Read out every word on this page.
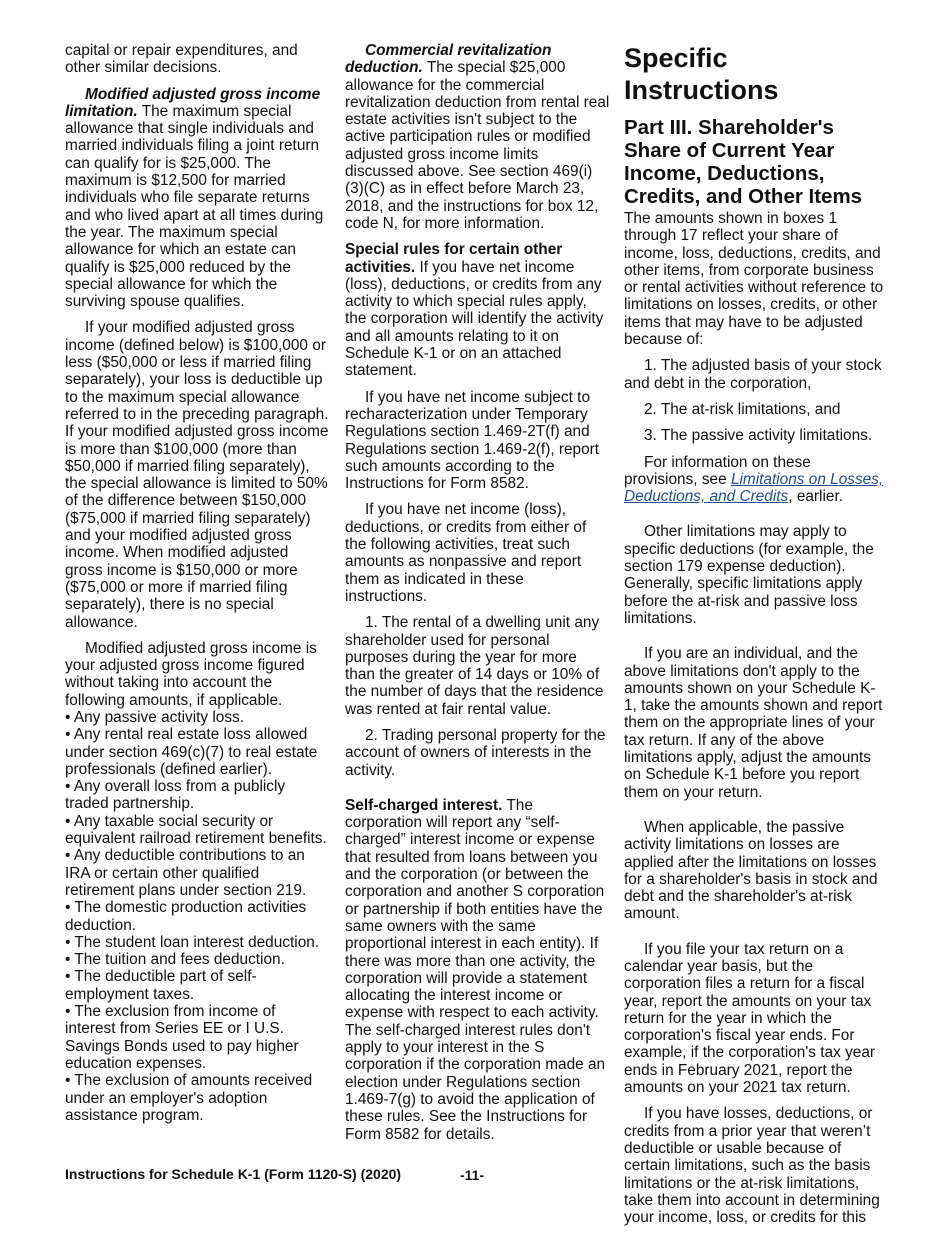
capital or repair expenditures, and other similar decisions.

Modified adjusted gross income limitation. The maximum special allowance that single individuals and married individuals filing a joint return can qualify for is $25,000. The maximum is $12,500 for married individuals who file separate returns and who lived apart at all times during the year. The maximum special allowance for which an estate can qualify is $25,000 reduced by the special allowance for which the surviving spouse qualifies.

If your modified adjusted gross income (defined below) is $100,000 or less ($50,000 or less if married filing separately), your loss is deductible up to the maximum special allowance referred to in the preceding paragraph. If your modified adjusted gross income is more than $100,000 (more than $50,000 if married filing separately), the special allowance is limited to 50% of the difference between $150,000 ($75,000 if married filing separately) and your modified adjusted gross income. When modified adjusted gross income is $150,000 or more ($75,000 or more if married filing separately), there is no special allowance.

Modified adjusted gross income is your adjusted gross income figured without taking into account the following amounts, if applicable.

• Any passive activity loss.

• Any rental real estate loss allowed under section 469(c)(7) to real estate professionals (defined earlier).

• Any overall loss from a publicly traded partnership.

• Any taxable social security or equivalent railroad retirement benefits.

• Any deductible contributions to an IRA or certain other qualified retirement plans under section 219.

• The domestic production activities deduction.

• The student loan interest deduction.

• The tuition and fees deduction.

• The deductible part of self-employment taxes.

• The exclusion from income of interest from Series EE or I U.S. Savings Bonds used to pay higher education expenses.

• The exclusion of amounts received under an employer's adoption assistance program.

Commercial revitalization deduction. The special $25,000 allowance for the commercial revitalization deduction from rental real estate activities isn't subject to the active participation rules or modified adjusted gross income limits discussed above. See section 469(i)(3)(C) as in effect before March 23, 2018, and the instructions for box 12, code N, for more information.

Special rules for certain other activities. If you have net income (loss), deductions, or credits from any activity to which special rules apply, the corporation will identify the activity and all amounts relating to it on Schedule K-1 or on an attached statement.

If you have net income subject to recharacterization under Temporary Regulations section 1.469-2T(f) and Regulations section 1.469-2(f), report such amounts according to the Instructions for Form 8582.

If you have net income (loss), deductions, or credits from either of the following activities, treat such amounts as nonpassive and report them as indicated in these instructions.

1. The rental of a dwelling unit any shareholder used for personal purposes during the year for more than the greater of 14 days or 10% of the number of days that the residence was rented at fair rental value.

2. Trading personal property for the account of owners of interests in the activity.

Self-charged interest. The corporation will report any “self-charged” interest income or expense that resulted from loans between you and the corporation (or between the corporation and another S corporation or partnership if both entities have the same owners with the same proportional interest in each entity). If there was more than one activity, the corporation will provide a statement allocating the interest income or expense with respect to each activity. The self-charged interest rules don't apply to your interest in the S corporation if the corporation made an election under Regulations section 1.469-7(g) to avoid the application of these rules. See the Instructions for Form 8582 for details.

Specific Instructions
Part III. Shareholder's Share of Current Year Income, Deductions, Credits, and Other Items

The amounts shown in boxes 1 through 17 reflect your share of income, loss, deductions, credits, and other items, from corporate business or rental activities without reference to limitations on losses, credits, or other items that may have to be adjusted because of:

1. The adjusted basis of your stock and debt in the corporation,

2. The at-risk limitations, and

3. The passive activity limitations.

For information on these provisions, see Limitations on Losses, Deductions, and Credits, earlier.

Other limitations may apply to specific deductions (for example, the section 179 expense deduction). Generally, specific limitations apply before the at-risk and passive loss limitations.

If you are an individual, and the above limitations don't apply to the amounts shown on your Schedule K-1, take the amounts shown and report them on the appropriate lines of your tax return. If any of the above limitations apply, adjust the amounts on Schedule K-1 before you report them on your return.

When applicable, the passive activity limitations on losses are applied after the limitations on losses for a shareholder's basis in stock and debt and the shareholder's at-risk amount.

If you file your tax return on a calendar year basis, but the corporation files a return for a fiscal year, report the amounts on your tax return for the year in which the corporation's fiscal year ends. For example, if the corporation's tax year ends in February 2021, report the amounts on your 2021 tax return.

If you have losses, deductions, or credits from a prior year that weren’t deductible or usable because of certain limitations, such as the basis limitations or the at-risk limitations, take them into account in determining your income, loss, or credits for this

Instructions for Schedule K-1 (Form 1120-S) (2020)	-11-
